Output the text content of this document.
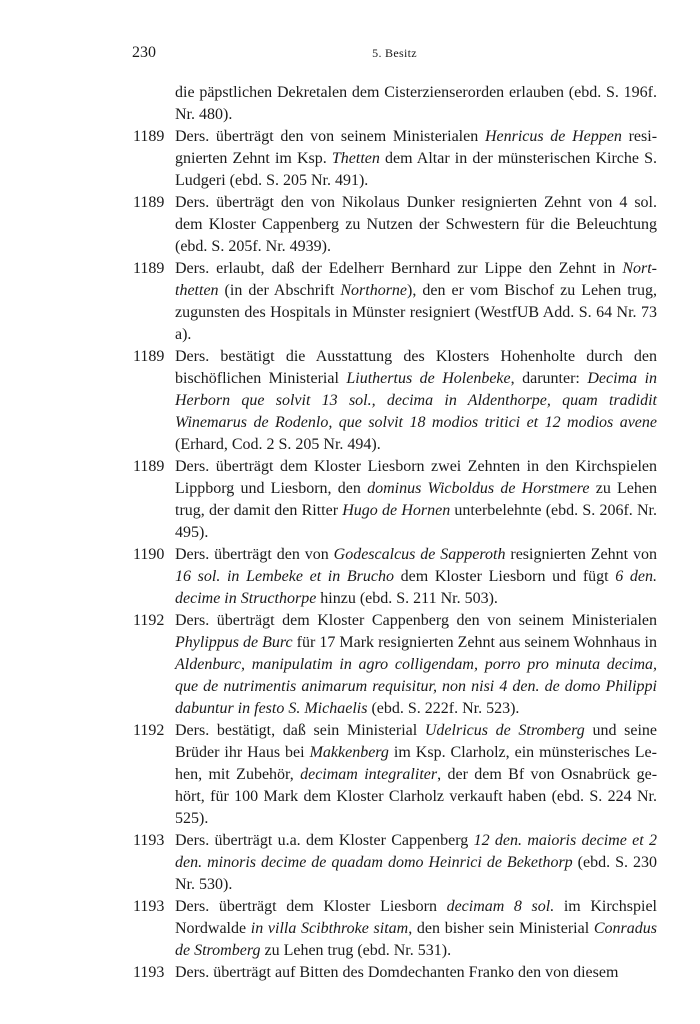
230	5. Besitz
die päpstlichen Dekretalen dem Cisterzienserorden erlauben (ebd. S. 196f. Nr. 480).
1189 Ders. überträgt den von seinem Ministerialen Henricus de Heppen resignierten Zehnt im Ksp. Thetten dem Altar in der münsterischen Kirche S. Ludgeri (ebd. S. 205 Nr. 491).
1189 Ders. überträgt den von Nikolaus Dunker resignierten Zehnt von 4 sol. dem Kloster Cappenberg zu Nutzen der Schwestern für die Beleuchtung (ebd. S. 205f. Nr. 4939).
1189 Ders. erlaubt, daß der Edelherr Bernhard zur Lippe den Zehnt in Nortthetten (in der Abschrift Northorne), den er vom Bischof zu Lehen trug, zugunsten des Hospitals in Münster resigniert (WestfUB Add. S. 64 Nr. 73 a).
1189 Ders. bestätigt die Ausstattung des Klosters Hohenholte durch den bischöflichen Ministerial Liuthertus de Holenbeke, darunter: Decima in Herborn que solvit 13 sol., decima in Aldenthorpe, quam tradidit Winemarus de Rodenlo, que solvit 18 modios tritici et 12 modios avene (Erhard, Cod. 2 S. 205 Nr. 494).
1189 Ders. überträgt dem Kloster Liesborn zwei Zehnten in den Kirchspielen Lippborg und Liesborn, den dominus Wicboldus de Horstmere zu Lehen trug, der damit den Ritter Hugo de Hornen unterbelehnte (ebd. S. 206f. Nr. 495).
1190 Ders. überträgt den von Godescalcus de Sapperoth resignierten Zehnt von 16 sol. in Lembeke et in Brucho dem Kloster Liesborn und fügt 6 den. decime in Structhorpe hinzu (ebd. S. 211 Nr. 503).
1192 Ders. überträgt dem Kloster Cappenberg den von seinem Ministerialen Phylippus de Burc für 17 Mark resignierten Zehnt aus seinem Wohnhaus in Aldenburc, manipulatim in agro colligendam, porro pro minuta decima, que de nutrimentis animarum requisitur, non nisi 4 den. de domo Philippi dabuntur in festo S. Michaelis (ebd. S. 222f. Nr. 523).
1192 Ders. bestätigt, daß sein Ministerial Udelricus de Stromberg und seine Brüder ihr Haus bei Makkenberg im Ksp. Clarholz, ein münsterisches Lehen, mit Zubehör, decimam integraliter, der dem Bf von Osnabrück gehört, für 100 Mark dem Kloster Clarholz verkauft haben (ebd. S. 224 Nr. 525).
1193 Ders. überträgt u.a. dem Kloster Cappenberg 12 den. maioris decime et 2 den. minoris decime de quadam domo Heinrici de Bekethorp (ebd. S. 230 Nr. 530).
1193 Ders. überträgt dem Kloster Liesborn decimam 8 sol. im Kirchspiel Nordwalde in villa Scibthroke sitam, den bisher sein Ministerial Conradus de Stromberg zu Lehen trug (ebd. Nr. 531).
1193 Ders. überträgt auf Bitten des Domdechanten Franko den von diesem
